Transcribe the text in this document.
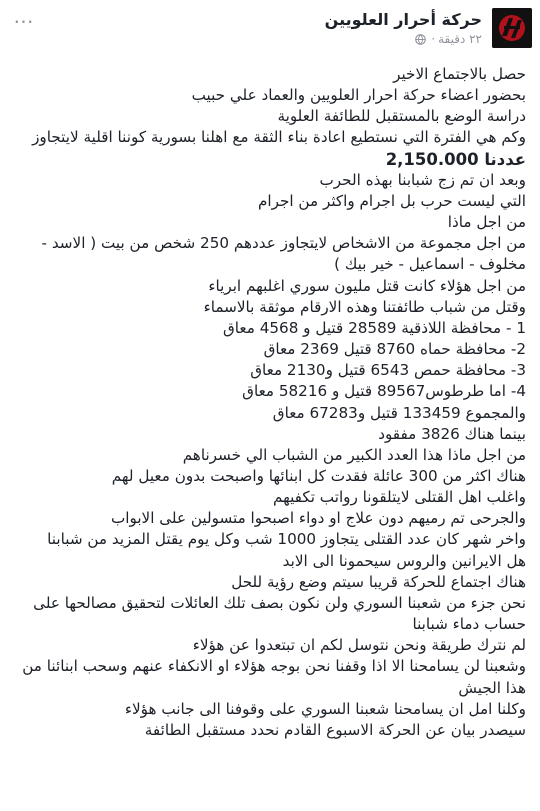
حركة أحرار العلويين
٢٢ دقيقة·
…
حصل بالاجتماع الاخير
بحضور اعضاء حركة احرار العلويين والعماد علي حبيب
دراسة الوضع بالمستقبل للطائفة العلوية
وكم هي الفترة التي نستطيع اعادة بناء الثقة مع اهلنا بسورية كوننا اقلية لايتجاوز
عددنا 2,150.000
وبعد ان تم زج شبابنا بهذه الحرب
التي ليست حرب بل اجرام واكثر من اجرام
من اجل ماذا
من اجل مجموعة من الاشخاص لايتجاوز عددهم 250 شخص من بيت ( الاسد -
مخلوف - اسماعيل - خير بيك )
من اجل هؤلاء كانت قتل مليون سوري اغلبهم ابرياء
وقتل من شباب طائفتنا وهذه الارقام موثقة بالاسماء
1 - محافظة اللاذقية 28589 قتيل و 4568 معاق
2- محافظة حماه 8760 قتيل 2369 معاق
3- محافظة حمص 6543 قتيل و2130 معاق
4- اما طرطوس89567 قتيل و 58216 معاق
والمجموع 133459 قتيل و67283 معاق
بينما هناك 3826 مفقود
من اجل ماذا هذا العدد الكبير من الشباب الي خسرناهم
هناك اكثر من 300 عائلة فقدت كل ابنائها واصبحت بدون معيل لهم
واغلب اهل القتلى لايتلقونا رواتب تكفيهم
والجرحى تم رميهم دون علاج او دواء اصبحوا متسولين على الابواب
واخر شهر كان عدد القتلى يتجاوز 1000 شب وكل يوم يقتل المزيد من شبابنا
هل الايرانين والروس سيحمونا الى الابد
هناك اجتماع للحركة قريبا سيتم وضع رؤية للحل
نحن جزء من شعبنا السوري ولن نكون بصف تلك العائلات لتحقيق مصالحها على
حساب دماء شبابنا
لم نترك طريقة ونحن نتوسل لكم ان تبتعدوا عن هؤلاء
وشعبنا لن يسامحنا الا اذا وقفنا نحن بوجه هؤلاء او الانكفاء عنهم وسحب ابنائنا من
هذا الجيش
وكلنا امل ان يسامحنا شعبنا السوري على وقوفنا الى جانب هؤلاء
سيصدر بيان عن الحركة الاسبوع القادم نحدد مستقبل الطائفة
